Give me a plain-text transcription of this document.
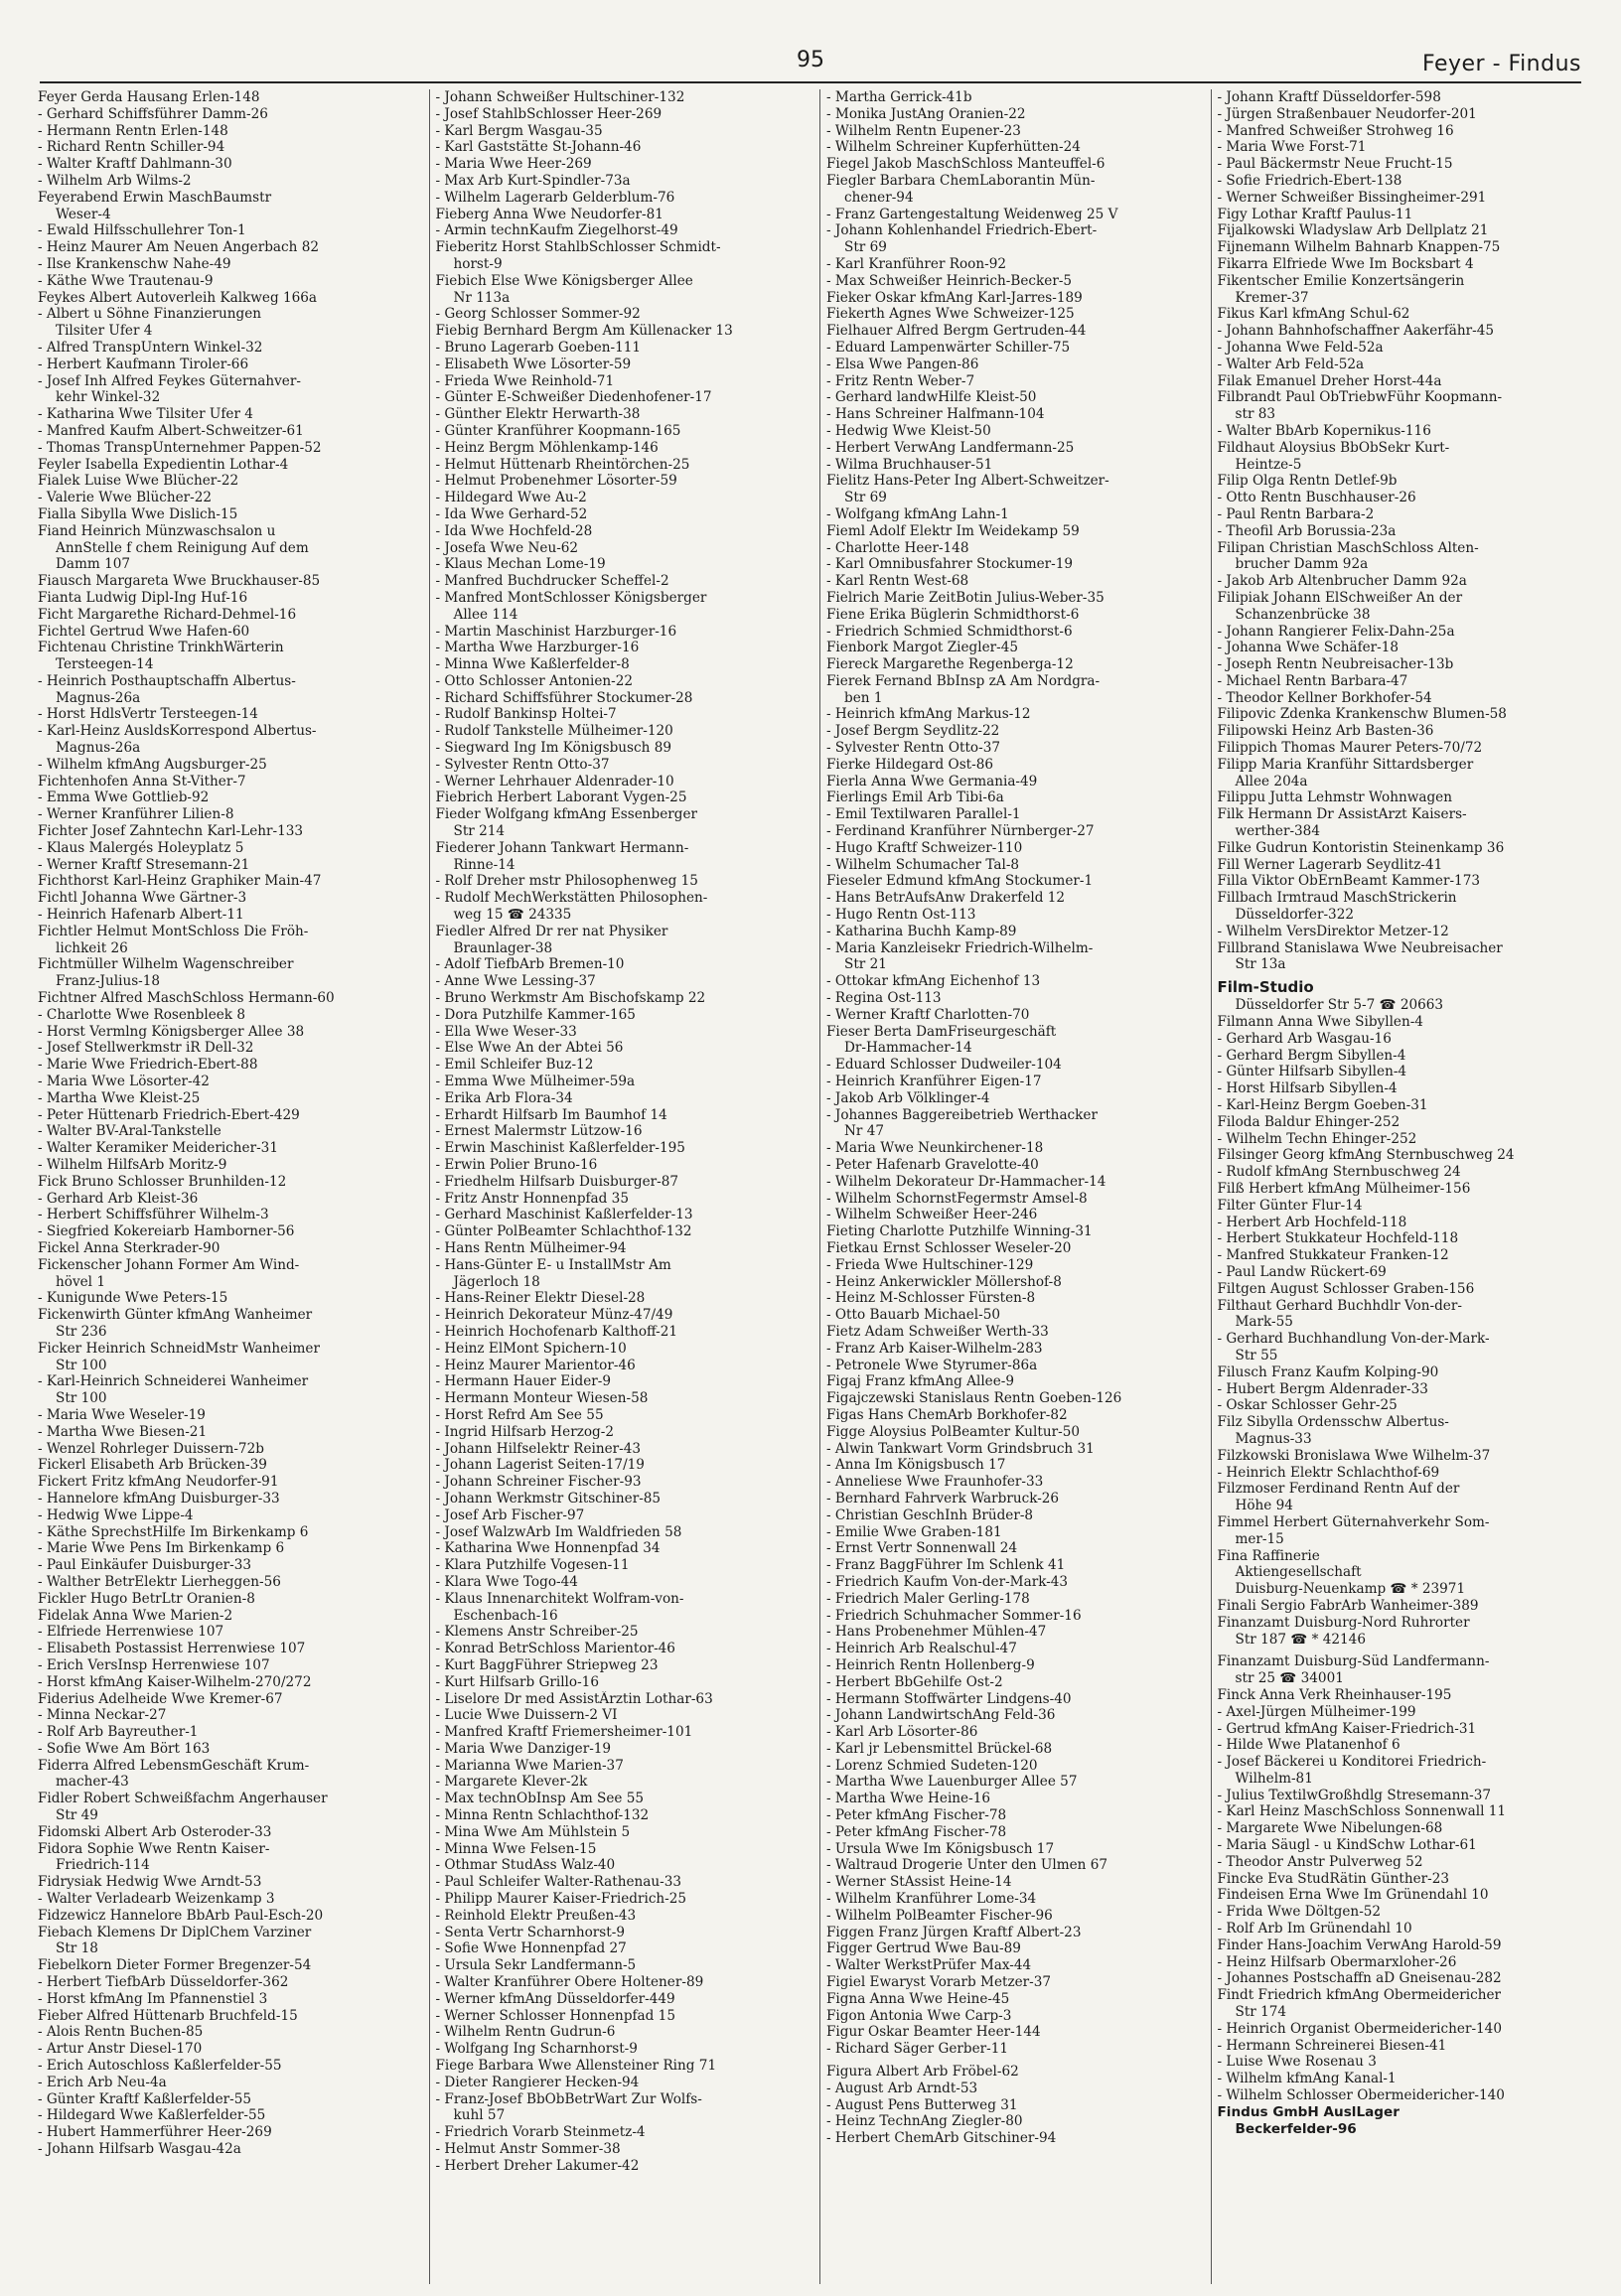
95	Feyer - Findus
Feyer Gerda Hausang Erlen-148
- Gerhard Schiffsführer Damm-26
- Hermann Rentn Erlen-148
- Richard Rentn Schiller-94
- Walter Kraftf Dahlmann-30
- Wilhelm Arb Wilms-2
Feyerabend Erwin MaschBaumstr
Weser-4
- Ewald Hilfsschullehrer Ton-1
- Heinz Maurer Am Neuen Angerbach 82
- Ilse Krankenschw Nahe-49
- Käthe Wwe Trautenau-9
Feykes Albert Autoverleih Kalkweg 166a
- Albert u Söhne Finanzierungen
Tilsiter Ufer 4
- Alfred TranspUntern Winkel-32
- Herbert Kaufmann Tiroler-66
- Josef Inh Alfred Feykes Güternahver-
kehr Winkel-32
- Katharina Wwe Tilsiter Ufer 4
- Manfred Kaufm Albert-Schweitzer-61
- Thomas TranspUnternehmer Pappen-52
Feyler Isabella Expedientin Lothar-4
Fialek Luise Wwe Blücher-22
- Valerie Wwe Blücher-22
Fialla Sibylla Wwe Dislich-15
Fiand Heinrich Münzwaschsalon u
AnnStelle f chem Reinigung Auf dem
Damm 107
Fiausch Margareta Wwe Bruckhauser-85
Fianta Ludwig Dipl-Ing Huf-16
Ficht Margarethe Richard-Dehmel-16
Fichtel Gertrud Wwe Hafen-60
Fichtenau Christine TrinkhWärterin
Tersteegen-14
- Heinrich Posthauptschaffn Albertus-
Magnus-26a
- Horst HdlsVertr Tersteegen-14
- Karl-Heinz AusldsKorrespond Albertus-
Magnus-26a
- Wilhelm kfmAng Augsburger-25
Fichtenhofen Anna St-Vither-7
- Emma Wwe Gottlieb-92
- Werner Kranführer Lilien-8
Fichter Josef Zahntechn Karl-Lehr-133
- Klaus Malergés Holeyplatz 5
- Werner Kraftf Stresemann-21
Fichthorst Karl-Heinz Graphiker Main-47
Fichtl Johanna Wwe Gärtner-3
- Heinrich Hafenarb Albert-11
Fichtler Helmut MontSchloss Die Fröh-
lichkeit 26
Fichtmüller Wilhelm Wagenschreiber
Franz-Julius-18
Fichtner Alfred MaschSchloss Hermann-60
- Charlotte Wwe Rosenbleek 8
- Horst Vermlng Königsberger Allee 38
- Josef Stellwerkmstr iR Dell-32
- Marie Wwe Friedrich-Ebert-88
- Maria Wwe Lösorter-42
- Martha Wwe Kleist-25
- Peter Hüttenarb Friedrich-Ebert-429
- Walter BV-Aral-Tankstelle
- Walter Keramiker Meidericher-31
- Wilhelm HilfsArb Moritz-9
Fick Bruno Schlosser Brunhilden-12
- Gerhard Arb Kleist-36
- Herbert Schiffsführer Wilhelm-3
- Siegfried Kokereiarb Hamborner-56
Fickel Anna Sterkrader-90
Fickenscher Johann Former Am Wind-
hövel 1
- Kunigunde Wwe Peters-15
Fickenwirth Günter kfmAng Wanheimer
Str 236
Ficker Heinrich SchneidMstr Wanheimer
Str 100
- Karl-Heinrich Schneiderei Wanheimer
Str 100
- Maria Wwe Weseler-19
- Martha Wwe Biesen-21
- Wenzel Rohrleger Duissern-72b
Fickerl Elisabeth Arb Brücken-39
Fickert Fritz kfmAng Neudorfer-91
- Hannelore kfmAng Duisburger-33
- Hedwig Wwe Lippe-4
- Käthe SprechstHilfe Im Birkenkamp 6
- Marie Wwe Pens Im Birkenkamp 6
- Paul Einkäufer Duisburger-33
- Walther BetrElektr Lierheggen-56
Fickler Hugo BetrLtr Oranien-8
Fidelak Anna Wwe Marien-2
- Elfriede Herrenwiese 107
- Elisabeth Postassist Herrenwiese 107
- Erich VersInsp Herrenwiese 107
- Horst kfmAng Kaiser-Wilhelm-270/272
Fiderius Adelheide Wwe Kremer-67
- Minna Neckar-27
- Rolf Arb Bayreuther-1
- Sofie Wwe Am Bört 163
Fiderra Alfred LebensmGeschäft Krum-
macher-43
Fidler Robert Schweißfachm Angerhauser
Str 49
Fidomski Albert Arb Osteroder-33
Fidora Sophie Wwe Rentn Kaiser-
Friedrich-114
Fidrysiak Hedwig Wwe Arndt-53
- Walter Verladearb Weizenkamp 3
Fidzewicz Hannelore BbArb Paul-Esch-20
Fiebach Klemens Dr DiplChem Varziner
Str 18
Fiebelkorn Dieter Former Bregenzer-54
- Herbert TiefbArb Düsseldorfer-362
- Horst kfmAng Im Pfannenstiel 3
Fieber Alfred Hüttenarb Bruchfeld-15
- Alois Rentn Buchen-85
- Artur Anstr Diesel-170
- Erich Autoschloss Kaßlerfelder-55
- Erich Arb Neu-4a
- Günter Kraftf Kaßlerfelder-55
- Hildegard Wwe Kaßlerfelder-55
- Hubert Hammerführer Heer-269
- Johann Hilfsarb Wasgau-42a
- Johann Schweißer Hultschiner-132
- Josef StahlbSchlosser Heer-269
- Karl Bergm Wasgau-35
- Karl Gaststätte St-Johann-46
- Maria Wwe Heer-269
- Max Arb Kurt-Spindler-73a
- Wilhelm Lagerarb Gelderblum-76
Fieberg Anna Wwe Neudorfer-81
- Armin technKaufm Ziegelhorst-49
Fieberitz Horst StahlbSchlosser Schmidt-
horst-9
Fiebich Else Wwe Königsberger Allee
Nr 113a
- Georg Schlosser Sommer-92
Fiebig Bernhard Bergm Am Küllenacker 13
- Bruno Lagerarb Goeben-111
- Elisabeth Wwe Lösorter-59
- Frieda Wwe Reinhold-71
- Günter E-Schweißer Diedenhofener-17
- Günther Elektr Herwarth-38
- Günter Kranführer Koopmann-165
- Heinz Bergm Möhlenkamp-146
- Helmut Hüttenarb Rheintörchen-25
- Helmut Probenehmer Lösorter-59
- Hildegard Wwe Au-2
- Ida Wwe Gerhard-52
- Ida Wwe Hochfeld-28
- Josefa Wwe Neu-62
- Klaus Mechan Lome-19
- Manfred Buchdrucker Scheffel-2
- Manfred MontSchlosser Königsberger
Allee 114
- Martin Maschinist Harzburger-16
- Martha Wwe Harzburger-16
- Minna Wwe Kaßlerfelder-8
- Otto Schlosser Antonien-22
- Richard Schiffsführer Stockumer-28
- Rudolf Bankinsp Holtei-7
- Rudolf Tankstelle Mülheimer-120
- Siegward Ing Im Königsbusch 89
- Sylvester Rentn Otto-37
- Werner Lehrhauer Aldenrader-10
Fiebrich Herbert Laborant Vygen-25
Fieder Wolfgang kfmAng Essenberger
Str 214
Fiederer Johann Tankwart Hermann-
Rinne-14
- Rolf Dreher mstr Philosophenweg 15
- Rudolf MechWerkstätten Philosophen-
weg 15 ☎ 24335
Fiedler Alfred Dr rer nat Physiker
Braunlager-38
- Adolf TiefbArb Bremen-10
- Anne Wwe Lessing-37
- Bruno Werkmstr Am Bischofskamp 22
- Dora Putzhilfe Kammer-165
- Ella Wwe Weser-33
- Else Wwe An der Abtei 56
- Emil Schleifer Buz-12
- Emma Wwe Mülheimer-59a
- Erika Arb Flora-34
- Erhardt Hilfsarb Im Baumhof 14
- Ernest Malermstr Lützow-16
- Erwin Maschinist Kaßlerfelder-195
- Erwin Polier Bruno-16
- Friedhelm Hilfsarb Duisburger-87
- Fritz Anstr Honnenpfad 35
- Gerhard Maschinist Kaßlerfelder-13
- Günter PolBeamter Schlachthof-132
- Hans Rentn Mülheimer-94
- Hans-Günter E- u InstallMstr Am
Jägerloch 18
- Hans-Reiner Elektr Diesel-28
- Heinrich Dekorateur Münz-47/49
- Heinrich Hochofenarb Kalthoff-21
- Heinz ElMont Spichern-10
- Heinz Maurer Marientor-46
- Hermann Hauer Eider-9
- Hermann Monteur Wiesen-58
- Horst Refrd Am See 55
- Ingrid Hilfsarb Herzog-2
- Johann Hilfselektr Reiner-43
- Johann Lagerist Seiten-17/19
- Johann Schreiner Fischer-93
- Johann Werkmstr Gitschiner-85
- Josef Arb Fischer-97
- Josef WalzwArb Im Waldfrieden 58
- Katharina Wwe Honnenpfad 34
- Klara Putzhilfe Vogesen-11
- Klara Wwe Togo-44
- Klaus Innenarchitekt Wolfram-von-
Eschenbach-16
- Klemens Anstr Schreiber-25
- Konrad BetrSchloss Marientor-46
- Kurt BaggFührer Striepweg 23
- Kurt Hilfsarb Grillo-16
- Liselore Dr med AssistÄrztin Lothar-63
- Lucie Wwe Duissern-2 VI
- Manfred Kraftf Friemersheimer-101
- Maria Wwe Danziger-19
- Marianna Wwe Marien-37
- Margarete Klever-2k
- Max technObInsp Am See 55
- Minna Rentn Schlachthof-132
- Mina Wwe Am Mühlstein 5
- Minna Wwe Felsen-15
- Othmar StudAss Walz-40
- Paul Schleifer Walter-Rathenau-33
- Philipp Maurer Kaiser-Friedrich-25
- Reinhold Elektr Preußen-43
- Senta Vertr Scharnhorst-9
- Sofie Wwe Honnenpfad 27
- Ursula Sekr Landfermann-5
- Walter Kranführer Obere Holtener-89
- Werner kfmAng Düsseldorfer-449
- Werner Schlosser Honnenpfad 15
- Wilhelm Rentn Gudrun-6
- Wolfgang Ing Scharnhorst-9
Fiege Barbara Wwe Allensteiner Ring 71
- Dieter Rangierer Hecken-94
- Franz-Josef BbObBetrWart Zur Wolfs-
kuhl 57
- Friedrich Vorarb Steinmetz-4
- Helmut Anstr Sommer-38
- Herbert Dreher Lakumer-42
- Martha Gerrick-41b
- Monika JustAng Oranien-22
- Wilhelm Rentn Eupener-23
- Wilhelm Schreiner Kupferhütten-24
Fiegel Jakob MaschSchloss Manteuffel-6
Fiegler Barbara ChemLaborantin Mün-
chener-94
- Franz Gartengestaltung Weidenweg 25 V
- Johann Kohlenhandel Friedrich-Ebert-
Str 69
- Karl Kranführer Roon-92
- Max Schweißer Heinrich-Becker-5
Fieker Oskar kfmAng Karl-Jarres-189
Fiekerth Agnes Wwe Schweizer-125
Fielhauer Alfred Bergm Gertruden-44
- Eduard Lampenwärter Schiller-75
- Elsa Wwe Pangen-86
- Fritz Rentn Weber-7
- Gerhard landwHilfe Kleist-50
- Hans Schreiner Halfmann-104
- Hedwig Wwe Kleist-50
- Herbert VerwAng Landfermann-25
- Wilma Bruchhauser-51
Fielitz Hans-Peter Ing Albert-Schweitzer-
Str 69
- Wolfgang kfmAng Lahn-1
Fieml Adolf Elektr Im Weidekamp 59
- Charlotte Heer-148
- Karl Omnibusfahrer Stockumer-19
- Karl Rentn West-68
Fielrich Marie ZeitBotin Julius-Weber-35
Fiene Erika Büglerin Schmidthorst-6
- Friedrich Schmied Schmidthorst-6
Fienbork Margot Ziegler-45
Fiereck Margarethe Regenberga-12
Fierek Fernand BbInsp zA Am Nordgra-
ben 1
- Heinrich kfmAng Markus-12
- Josef Bergm Seydlitz-22
- Sylvester Rentn Otto-37
Fierke Hildegard Ost-86
Fierla Anna Wwe Germania-49
Fierlings Emil Arb Tibi-6a
- Emil Textilwaren Parallel-1
- Ferdinand Kranführer Nürnberger-27
- Hugo Kraftf Schweizer-110
- Wilhelm Schumacher Tal-8
Fieseler Edmund kfmAng Stockumer-1
- Hans BetrAufsAnw Drakerfeld 12
- Hugo Rentn Ost-113
- Katharina Buchh Kamp-89
- Maria Kanzleisekr Friedrich-Wilhelm-
Str 21
- Ottokar kfmAng Eichenhof 13
- Regina Ost-113
- Werner Kraftf Charlotten-70
Fieser Berta DamFriseurgeschäft
Dr-Hammacher-14
- Eduard Schlosser Dudweiler-104
- Heinrich Kranführer Eigen-17
- Jakob Arb Völklinger-4
- Johannes Baggereibetrieb Werthacker
Nr 47
- Maria Wwe Neunkirchener-18
- Peter Hafenarb Gravelotte-40
- Wilhelm Dekorateur Dr-Hammacher-14
- Wilhelm SchornstFegermstr Amsel-8
- Wilhelm Schweißer Heer-246
Fieting Charlotte Putzhilfe Winning-31
Fietkau Ernst Schlosser Weseler-20
- Frieda Wwe Hultschiner-129
- Heinz Ankerwickler Möllershof-8
- Heinz M-Schlosser Fürsten-8
- Otto Bauarb Michael-50
Fietz Adam Schweißer Werth-33
- Franz Arb Kaiser-Wilhelm-283
- Petronele Wwe Styrumer-86a
Figaj Franz kfmAng Allee-9
Figajczewski Stanislaus Rentn Goeben-126
Figas Hans ChemArb Borkhofer-82
Figge Aloysius PolBeamter Kultur-50
- Alwin Tankwart Vorm Grindsbruch 31
- Anna Im Königsbusch 17
- Anneliese Wwe Fraunhofer-33
- Bernhard Fahrverk Warbruck-26
- Christian GeschInh Brüder-8
- Emilie Wwe Graben-181
- Ernst Vertr Sonnenwall 24
- Franz BaggFührer Im Schlenk 41
- Friedrich Kaufm Von-der-Mark-43
- Friedrich Maler Gerling-178
- Friedrich Schuhmacher Sommer-16
- Hans Probenehmer Mühlen-47
- Heinrich Arb Realschul-47
- Heinrich Rentn Hollenberg-9
- Herbert BbGehilfe Ost-2
- Hermann Stoffwärter Lindgens-40
- Johann LandwirtschAng Feld-36
- Karl Arb Lösorter-86
- Karl jr Lebensmittel Brückel-68
- Lorenz Schmied Sudeten-120
- Martha Wwe Lauenburger Allee 57
- Martha Wwe Heine-16
- Peter kfmAng Fischer-78
- Peter kfmAng Fischer-78
- Ursula Wwe Im Königsbusch 17
- Waltraud Drogerie Unter den Ulmen 67
- Werner StAssist Heine-14
- Wilhelm Kranführer Lome-34
- Wilhelm PolBeamter Fischer-96
Figgen Franz Jürgen Kraftf Albert-23
Figger Gertrud Wwe Bau-89
- Walter WerkstPrüfer Max-44
Figiel Ewaryst Vorarb Metzer-37
Figna Anna Wwe Heine-45
Figon Antonia Wwe Carp-3
Figur Oskar Beamter Heer-144
- Richard Säger Gerber-11
Figura Albert Arb Fröbel-62
- August Arb Arndt-53
- August Pens Butterweg 31
- Heinz TechnAng Ziegler-80
- Herbert ChemArb Gitschiner-94
- Johann Kraftf Düsseldorfer-598
- Jürgen Straßenbauer Neudorfer-201
- Manfred Schweißer Strohweg 16
- Maria Wwe Forst-71
- Paul Bäckermstr Neue Frucht-15
- Sofie Friedrich-Ebert-138
- Werner Schweißer Bissingheimer-291
Figy Lothar Kraftf Paulus-11
Fijalkowski Wladyslaw Arb Dellplatz 21
Fijnemann Wilhelm Bahnarb Knappen-75
Fikarra Elfriede Wwe Im Bocksbart 4
Fikentscher Emilie Konzertsängerin
Kremer-37
Fikus Karl kfmAng Schul-62
- Johann Bahnhofschaffner Aakerfähr-45
- Johanna Wwe Feld-52a
- Walter Arb Feld-52a
Filak Emanuel Dreher Horst-44a
Filbrandt Paul ObTriebwFühr Koopmann-
str 83
- Walter BbArb Kopernikus-116
Fildhaut Aloysius BbObSekr Kurt-
Heintze-5
Filip Olga Rentn Detlef-9b
- Otto Rentn Buschhauser-26
- Paul Rentn Barbara-2
- Theofil Arb Borussia-23a
Filipan Christian MaschSchloss Alten-
brucher Damm 92a
- Jakob Arb Altenbrucher Damm 92a
Filipiak Johann ElSchweißer An der
Schanzenbrücke 38
- Johann Rangierer Felix-Dahn-25a
- Johanna Wwe Schäfer-18
- Joseph Rentn Neubreisacher-13b
- Michael Rentn Barbara-47
- Theodor Kellner Borkhofer-54
Filipovic Zdenka Krankenschw Blumen-58
Filipowski Heinz Arb Basten-36
Filippich Thomas Maurer Peters-70/72
Filipp Maria Kranführ Sittardsberger
Allee 204a
Filippu Jutta Lehmstr Wohnwagen
Filk Hermann Dr AssistArzt Kaisers-
werther-384
Filke Gudrun Kontoristin Steinenkamp 36
Fill Werner Lagerarb Seydlitz-41
Filla Viktor ObErnBeamt Kammer-173
Fillbach Irmtraud MaschStrickerin
Düsseldorfer-322
- Wilhelm VersDirektor Metzer-12
Fillbrand Stanislawa Wwe Neubreisacher
Str 13a
Film-Studio
Düsseldorfer Str 5-7 ☎ 20663
Filmann Anna Wwe Sibyllen-4
- Gerhard Arb Wasgau-16
- Gerhard Bergm Sibyllen-4
- Günter Hilfsarb Sibyllen-4
- Horst Hilfsarb Sibyllen-4
- Karl-Heinz Bergm Goeben-31
Filoda Baldur Ehinger-252
- Wilhelm Techn Ehinger-252
Filsinger Georg kfmAng Sternbuschweg 24
- Rudolf kfmAng Sternbuschweg 24
Filß Herbert kfmAng Mülheimer-156
Filter Günter Flur-14
- Herbert Arb Hochfeld-118
- Herbert Stukkateur Hochfeld-118
- Manfred Stukkateur Franken-12
- Paul Landw Rückert-69
Filtgen August Schlosser Graben-156
Filthaut Gerhard Buchhdlr Von-der-
Mark-55
- Gerhard Buchhandlung Von-der-Mark-
Str 55
Filusch Franz Kaufm Kolping-90
- Hubert Bergm Aldenrader-33
- Oskar Schlosser Gehr-25
Filz Sibylla Ordensschw Albertus-
Magnus-33
Filzkowski Bronislawa Wwe Wilhelm-37
- Heinrich Elektr Schlachthof-69
Filzmoser Ferdinand Rentn Auf der
Höhe 94
Fimmel Herbert Güternahverkehr Som-
mer-15
Fina Raffinerie
Aktiengesellschaft
Duisburg-Neuenkamp ☎ * 23971
Finali Sergio FabrArb Wanheimer-389
Finanzamt Duisburg-Nord Ruhrorter
Str 187 ☎ * 42146
Finanzamt Duisburg-Süd Landfermann-
str 25 ☎ 34001
Finck Anna Verk Rheinhauser-195
- Axel-Jürgen Mülheimer-199
- Gertrud kfmAng Kaiser-Friedrich-31
- Hilde Wwe Platanenhof 6
- Josef Bäckerei u Konditorei Friedrich-
Wilhelm-81
- Julius TextilwGroßhdlg Stresemann-37
- Karl Heinz MaschSchloss Sonnenwall 11
- Margarete Wwe Nibelungen-68
- Maria Säugl - u KindSchw Lothar-61
- Theodor Anstr Pulverweg 52
Fincke Eva StudRätin Günther-23
Findeisen Erna Wwe Im Grünendahl 10
- Frida Wwe Döltgen-52
- Rolf Arb Im Grünendahl 10
Finder Hans-Joachim VerwAng Harold-59
- Heinz Hilfsarb Obermarxloher-26
- Johannes Postschaffn aD Gneisenau-282
Findt Friedrich kfmAng Obermeidericher
Str 174
- Heinrich Organist Obermeidericher-140
- Hermann Schreinerei Biesen-41
- Luise Wwe Rosenau 3
- Wilhelm kfmAng Kanal-1
- Wilhelm Schlosser Obermeidericher-140
Findus GmbH AuslLager
Beckerfelder-96
